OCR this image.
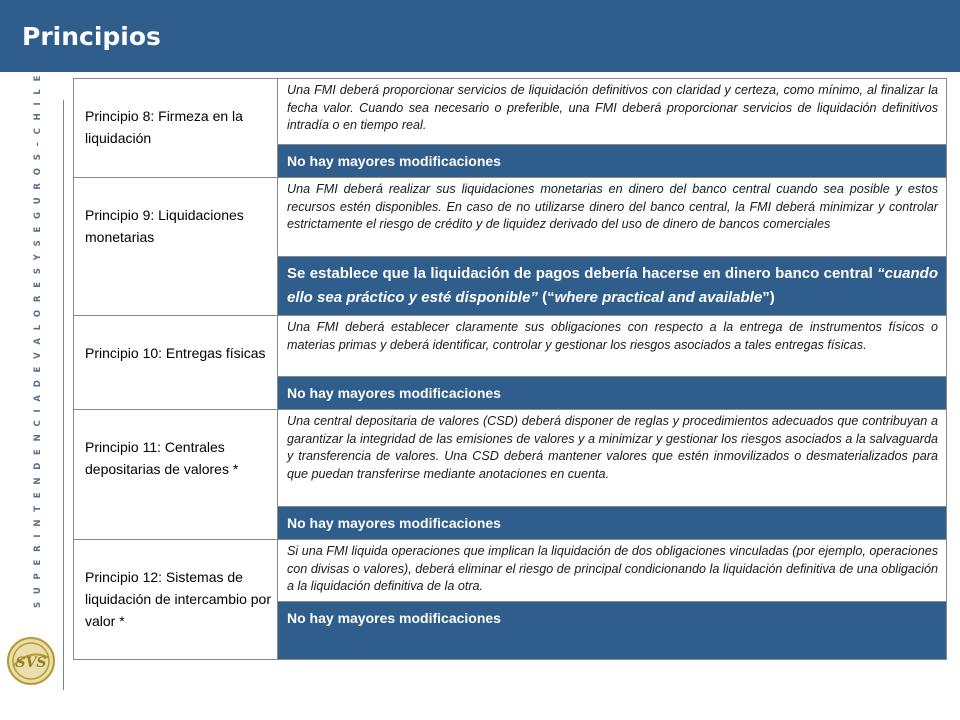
Principios
S U P E R I N T E N D E N C I A D E V A L O R E S Y S E G U R O S – C H I L E
SVS
Principio 8: Firmeza en la liquidación	Una FMI deberá proporcionar servicios de liquidación definitivos con claridad y certeza, como mínimo, al finalizar la fecha valor. Cuando sea necesario o preferible, una FMI deberá proporcionar servicios de liquidación definitivos intradía o en tiempo real.
	No hay mayores modificaciones
Principio 9: Liquidaciones monetarias	Una FMI deberá realizar sus liquidaciones monetarias en dinero del banco central cuando sea posible y estos recursos estén disponibles. En caso de no utilizarse dinero del banco central, la FMI deberá minimizar y controlar estrictamente el riesgo de crédito y de liquidez derivado del uso de dinero de bancos comerciales
	Se establece que la liquidación de pagos debería hacerse en dinero banco central “cuando ello sea práctico y esté disponible” (“where practical and available”)
Principio 10: Entregas físicas	Una FMI deberá establecer claramente sus obligaciones con respecto a la entrega de instrumentos físicos o materias primas y deberá identificar, controlar y gestionar los riesgos asociados a tales entregas físicas.
	No hay mayores modificaciones
Principio 11: Centrales depositarias de valores *	Una central depositaria de valores (CSD) deberá disponer de reglas y procedimientos adecuados que contribuyan a garantizar la integridad de las emisiones de valores y a minimizar y gestionar los riesgos asociados a la salvaguarda y transferencia de valores. Una CSD deberá mantener valores que estén inmovilizados o desmaterializados para que puedan transferirse mediante anotaciones en cuenta.
	No hay mayores modificaciones
Principio 12: Sistemas de liquidación de intercambio por valor *	Si una FMI liquida operaciones que implican la liquidación de dos obligaciones vinculadas (por ejemplo, operaciones con divisas o valores), deberá eliminar el riesgo de principal condicionando la liquidación definitiva de una obligación a la liquidación definitiva de la otra.
	No hay mayores modificaciones
